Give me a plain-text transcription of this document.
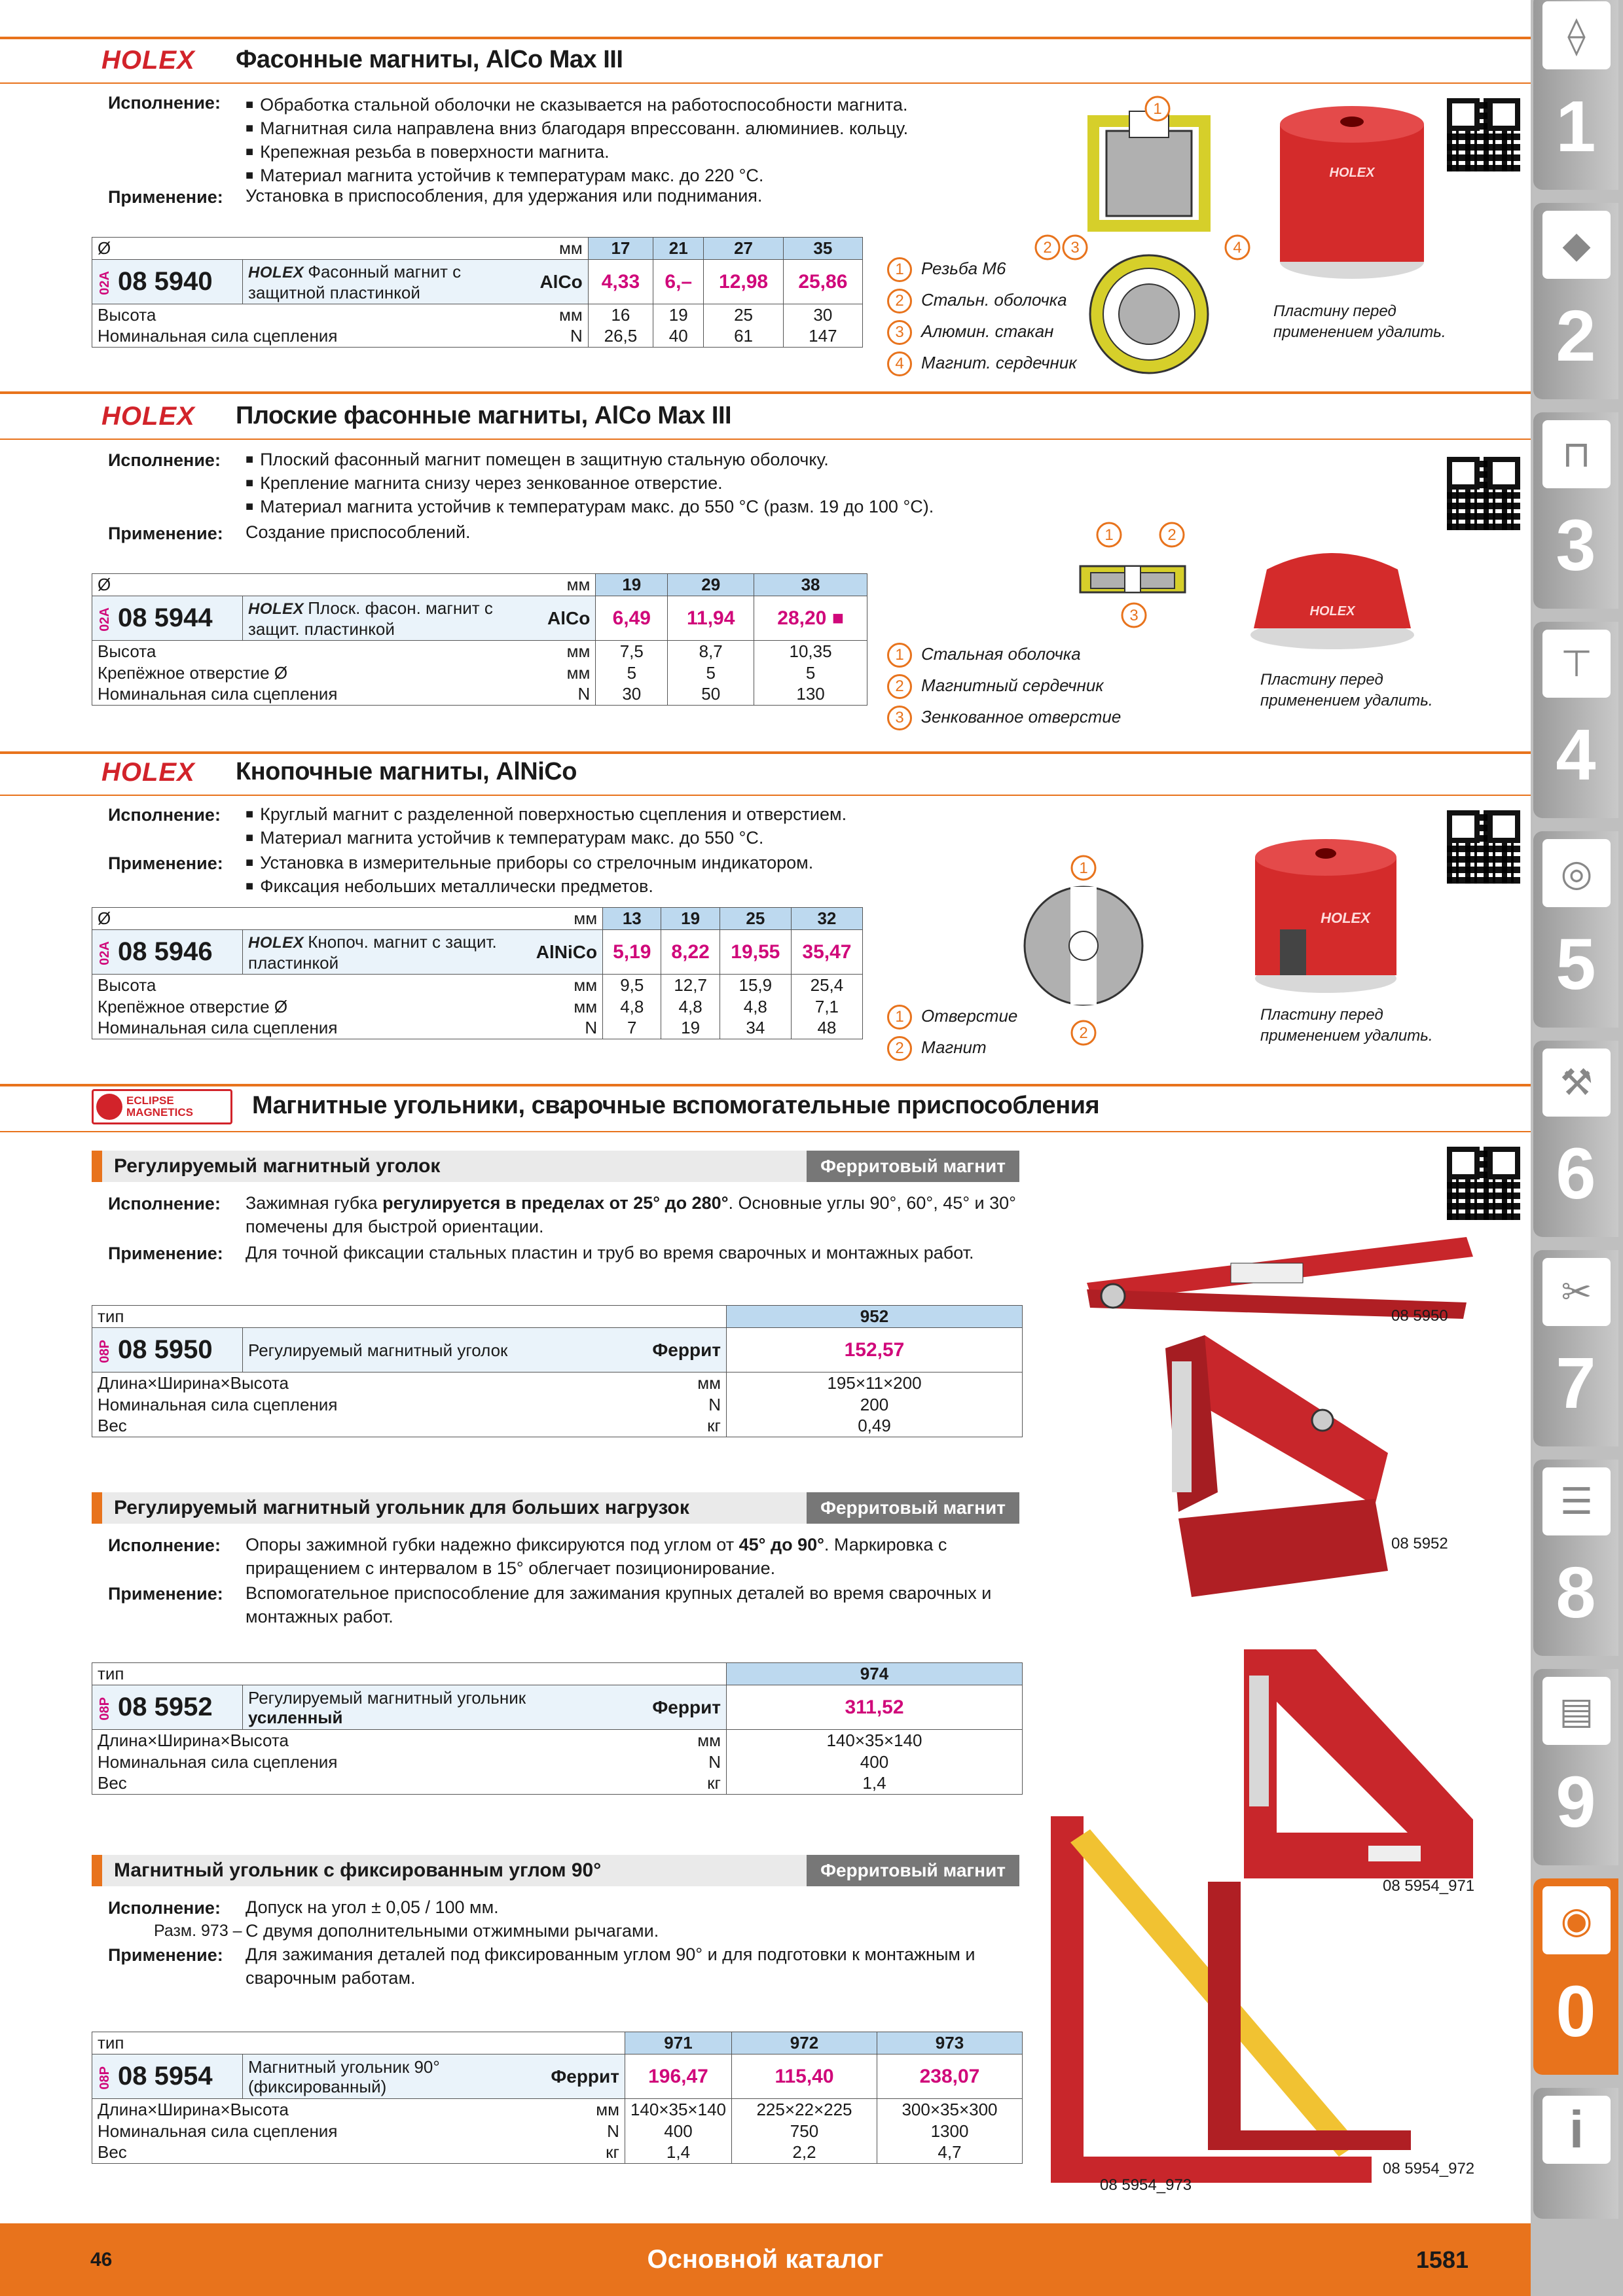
HOLEX Фасонные магниты, AlCo Max III
Исполнение:	■ Обработка стальной оболочки не сказывается на работоспособности магнита.
■ Магнитная сила направлена вниз благодаря впрессованн. алюминиев. кольцу.
■ Крепежная резьба в поверхности магнита.
■ Материал магнита устойчив к температурам макс. до 220 °C.
Применение: Установка в приспособления, для удержания или поднимания.
Ø		мм	17	21	27	35
02A 08 5940	HOLEX Фасонный магнит с защитной пластинкой	AlCo	4,33	6,–	12,98	25,86
Высота		мм	16	19	25	30
Номинальная сила сцепления		N	26,5	40	61	147
1
2 3	4
1 Резьба M6
2 Стальн. оболочка
3 Алюмин. стакан
4 Магнит. сердечник
HOLEX
Пластину перед применением удалить.
HOLEX Плоские фасонные магниты, AlCo Max III
Исполнение:	■ Плоский фасонный магнит помещен в защитную стальную оболочку.
■ Крепление магнита снизу через зенкованное отверстие.
■ Материал магнита устойчив к температурам макс. до 550 °C (разм. 19 до 100 °C).
Применение: Создание приспособлений.
Ø		мм	19	29	38
02A 08 5944	HOLEX Плоск. фасон. магнит с защит. пластинкой	AlCo	6,49	11,94	28,20 ■
Высота		мм	7,5	8,7	10,35
Крепёжное отверстие Ø		мм	5	5	5
Номинальная сила сцепления		N	30	50	130
1	2
3
1 Стальная оболочка
2 Магнитный сердечник
3 Зенкованное отверстие
HOLEX
Пластину перед применением удалить.
HOLEX Кнопочные магниты, AlNiCo
Исполнение:	■ Круглый магнит с разделенной поверхностью сцепления и отверстием.
■ Материал магнита устойчив к температурам макс. до 550 °C.
Применение:	■ Установка в измерительные приборы со стрелочным индикатором.
■ Фиксация небольших металлически предметов.
Ø		мм	13	19	25	32
02A 08 5946	HOLEX Кнопоч. магнит с защит. пластинкой	AlNiCo	5,19	8,22	19,55	35,47
Высота		мм	9,5	12,7	15,9	25,4
Крепёжное отверстие Ø		мм	4,8	4,8	4,8	7,1
Номинальная сила сцепления		N	7	19	34	48
1
2
1 Отверстие
2 Магнит
HOLEX
Пластину перед применением удалить.
ECLIPSE MAGNETICS	Магнитные угольники, сварочные вспомогательные приспособления
Регулируемый магнитный уголок	Ферритовый магнит
Исполнение: Зажимная губка регулируется в пределах от 25° до 280°. Основные углы 90°, 60°, 45° и 30° помечены для быстрой ориентации.
Применение: Для точной фиксации стальных пластин и труб во время сварочных и монтажных работ.
тип			952
08P 08 5950	Регулируемый магнитный уголок	Феррит	152,57
Длина×Ширина×Высота		мм	195×11×200
Номинальная сила сцепления		N	200
Вес		кг	0,49
Регулируемый магнитный угольник для больших нагрузок	Ферритовый магнит
Исполнение: Опоры зажимной губки надежно фиксируются под углом от 45° до 90°. Маркировка с приращением с интервалом в 15° облегчает позиционирование.
Применение: Вспомогательное приспособление для зажимания крупных деталей во время сварочных и монтажных работ.
тип			974
08P 08 5952	Регулируемый магнитный угольник усиленный	Феррит	311,52
Длина×Ширина×Высота		мм	140×35×140
Номинальная сила сцепления		N	400
Вес		кг	1,4
Магнитный угольник с фиксированным углом 90°	Ферритовый магнит
Исполнение: Допуск на угол ± 0,05 / 100 мм.
Разм. 973 – С двумя дополнительными отжимными рычагами.
Применение: Для зажимания деталей под фиксированным углом 90° и для подготовки к монтажным и сварочным работам.
тип			971	972	973
08P 08 5954	Магнитный угольник 90° (фиксированный)	Феррит	196,47	115,40	238,07
Длина×Ширина×Высота		мм	140×35×140	225×22×225	300×35×300
Номинальная сила сцепления		N	400	750	1300
Вес		кг	1,4	2,2	4,7
08 5950
08 5952
08 5954_971
08 5954_973
08 5954_972
46	Основной каталог	1581
⟠
1
◆
2
⊓
3
⊤
4
◎
5
⚒
6
✂
7
☰
8
▤
9
◉
0
i
